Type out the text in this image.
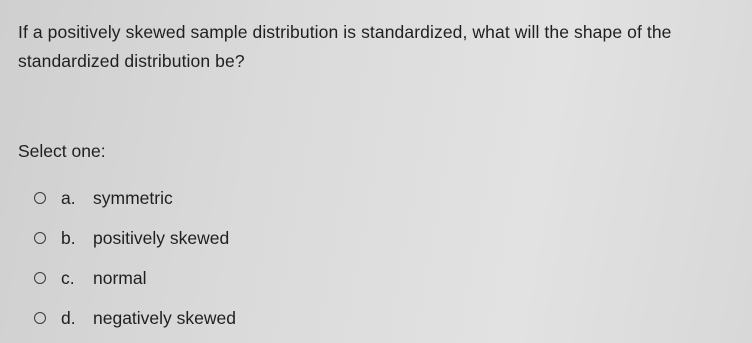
If a positively skewed sample distribution is standardized, what will the shape of the standardized distribution be?
Select one:
a. symmetric
b. positively skewed
c.	normal
d. negatively skewed
